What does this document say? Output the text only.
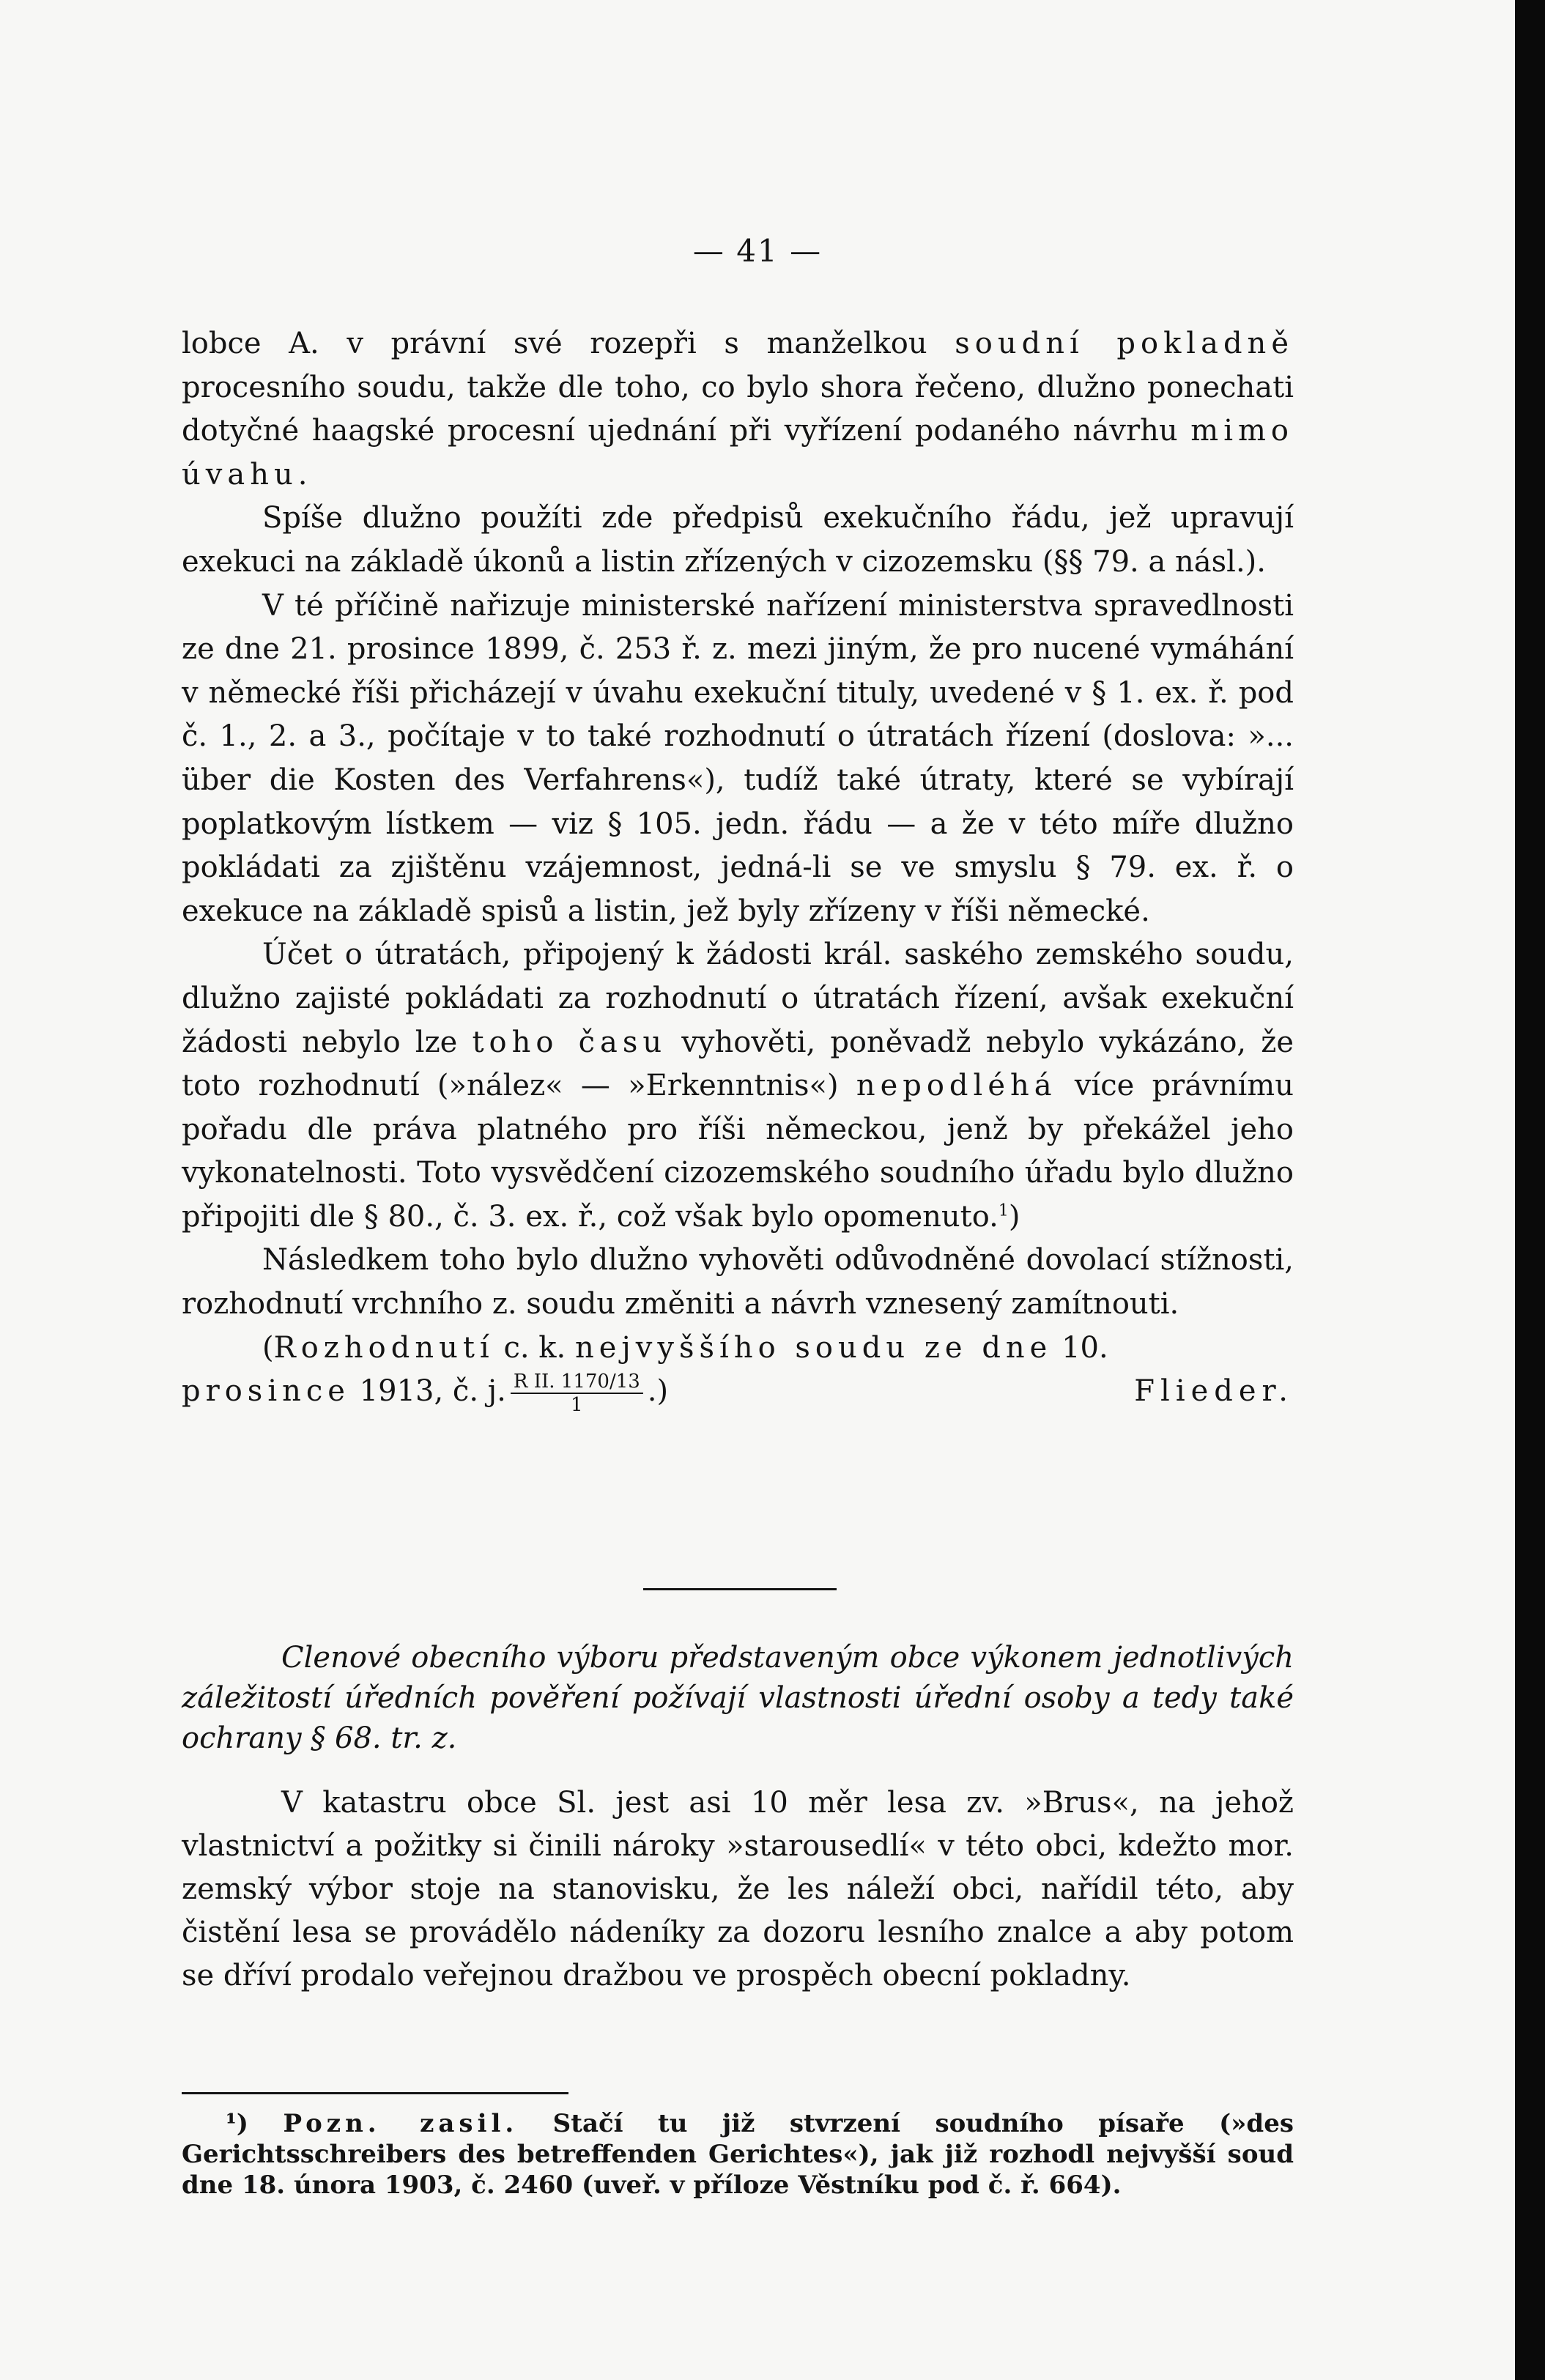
— 41 —

lobce A. v právní své rozepři s manželkou soudní pokladně procesního soudu, takže dle toho, co bylo shora řečeno, dlužno ponechati dotyčné haagské procesní ujednání při vyřízení podaného návrhu mimo úvahu.

Spíše dlužno použíti zde předpisů exekučního řádu, jež upravují exekuci na základě úkonů a listin zřízených v cizozemsku (§§ 79. a násl.).

V té příčině nařizuje ministerské nařízení ministerstva spravedlnosti ze dne 21. prosince 1899, č. 253 ř. z. mezi jiným, že pro nucené vymáhání v německé říši přicházejí v úvahu exekuční tituly, uvedené v § 1. ex. ř. pod č. 1., 2. a 3., počítaje v to také rozhodnutí o útratách řízení (doslova: »... über die Kosten des Verfahrens«), tudíž také útraty, které se vybírají poplatkovým lístkem — viz § 105. jedn. řádu — a že v této míře dlužno pokládati za zjištěnu vzájemnost, jedná-li se ve smyslu § 79. ex. ř. o exekuce na základě spisů a listin, jež byly zřízeny v říši německé.

Účet o útratách, připojený k žádosti král. saského zemského soudu, dlužno zajisté pokládati za rozhodnutí o útratách řízení, avšak exekuční žádosti nebylo lze toho času vyhověti, poněvadž nebylo vykázáno, že toto rozhodnutí (»nález« — »Erkenntnis«) nepodléhá více právnímu pořadu dle práva platného pro říši německou, jenž by překážel jeho vykonatelnosti. Toto vysvědčení cizozemského soudního úřadu bylo dlužno připojiti dle § 80., č. 3. ex. ř., což však bylo opomenuto.$^1$)

Následkem toho bylo dlužno vyhověti odůvodněné dovolací stížnosti, rozhodnutí vrchního z. soudu změniti a návrh vznesený zamítnouti.

(Rozhodnutí c. k. nejvyššího soudu ze dne 10.

prosince 1913, č. j. $\frac{\text{R II. 1170/13}}{1}$ .)	Flieder.

Clenové obecního výboru představeným obce výkonem jednotlivých záležitostí úředních pověření požívají vlastnosti úřední osoby a tedy také ochrany § 68. tr. z.

V katastru obce Sl. jest asi 10 měr lesa zv. »Brus«, na jehož vlastnictví a požitky si činili nároky »starousedlí« v této obci, kdežto mor. zemský výbor stoje na stanovisku, že les náleží obci, nařídil této, aby čistění lesa se provádělo nádeníky za dozoru lesního znalce a aby potom se dříví prodalo veřejnou dražbou ve prospěch obecní pokladny.

¹) Pozn. zasil. Stačí tu již stvrzení soudního písaře (»des Gerichtsschreibers des betreffenden Gerichtes«), jak již rozhodl nejvyšší soud dne 18. února 1903, č. 2460 (uveř. v příloze Věstníku pod č. ř. 664).
